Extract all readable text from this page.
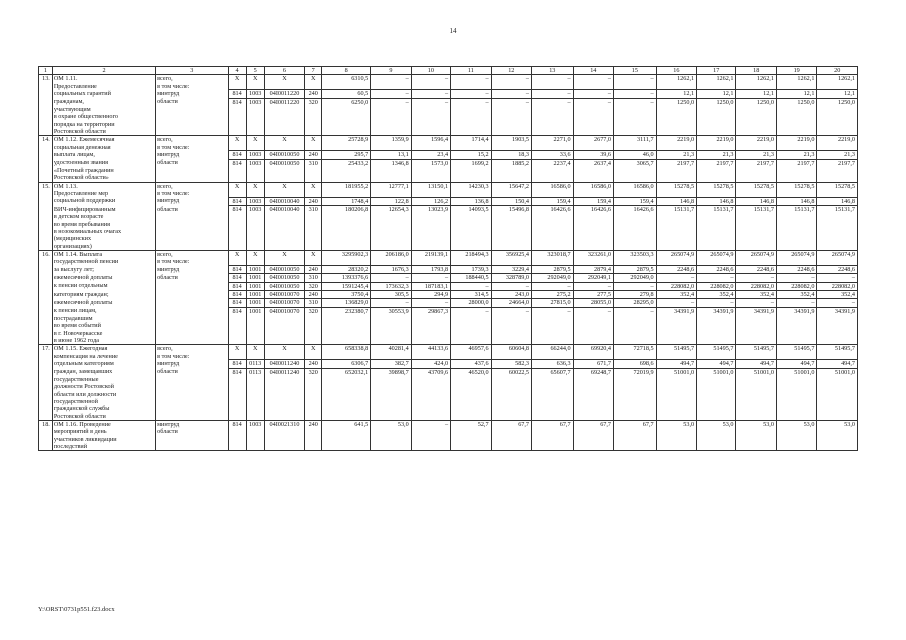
14
1	2	3	4	5	6	7	8	9	10	11	12	13	14	15	16	17	18	19	20
13.	ОМ 1.11.	всего,	X	X	X	X	6310,5	–	–	–	–	–	–	–	1262,1	1262,1	1262,1	1262,1	1262,1
	Предоставление	в том числе:																	
	социальных гарантий	минтруд	814	1003	04І0011220	240	60,5	–	–	–	–	–	–	–	12,1	12,1	12,1	12,1	12,1
	гражданам,	области	814	1003	04І0011220	320	6250,0	–	–	–	–	–	–	–	1250,0	1250,0	1250,0	1250,0	1250,0
	участвующим																		
	в охране общественного																		
	порядка на территории																		
	Ростовской области																		
14.	ОМ 1.12. Ежемесячная	всего,	X	X	X	X	25728,9	1359,9	1596,4	1714,4	1903,5	2271,0	2677,0	3111,7	2219,0	2219,0	2219,0	2219,0	2219,0
	социальная денежная	в том числе:																	
	выплата лицам,	минтруд	814	1003	04І0010050	240	295,7	13,1	23,4	15,2	18,3	33,6	39,6	46,0	21,3	21,3	21,3	21,3	21,3
	удостоенным звания	области	814	1003	04І0010050	310	25433,2	1346,8	1573,0	1699,2	1885,2	2237,4	2637,4	3065,7	2197,7	2197,7	2197,7	2197,7	2197,7
	«Почетный гражданин																		
	Ростовской области»																		
15.	ОМ 1.13.	всего,	X	X	X	X	181955,2	12777,1	13150,1	14230,3	15647,2	16586,0	16586,0	16586,0	15278,5	15278,5	15278,5	15278,5	15278,5
	Предоставление мер	в том числе:																	
	социальной поддержки	минтруд	814	1003	04І0010040	240	1748,4	122,8	126,2	136,8	150,4	159,4	159,4	159,4	146,8	146,8	146,8	146,8	146,8
	ВИЧ-инфицированным	области	814	1003	04І0010040	310	180206,8	12654,3	13023,9	14093,5	15496,8	16426,6	16426,6	16426,6	15131,7	15131,7	15131,7	15131,7	15131,7
	в детском возрасте																		
	во время пребывания																		
	в нозокомиальных очагах																		
	(медицинских																		
	организациях)																		
16.	ОМ 1.14. Выплата	всего,	X	X	X	X	3295902,3	206186,0	219139,1	218494,3	356925,4	323018,7	323261,0	323503,3	265074,9	265074,9	265074,9	265074,9	265074,9
	государственной пенсии	в том числе:																	
	за выслугу лет;	минтруд	814	1001	04І0010050	240	28320,2	1676,3	1793,8	1739,3	3229,4	2879,5	2879,4	2879,5	2248,6	2248,6	2248,6	2248,6	2248,6
	ежемесячной доплаты	области	814	1001	04І0010050	310	1393376,6	–	–	188440,5	328789,0	292049,0	292049,1	292049,0	–	–	–	–	–
	к пенсии отдельным		814	1001	04І0010050	320	1591245,4	173632,3	187183,1	–	–	–	–	–	228082,0	228082,0	228082,0	228082,0	228082,0
	категориям граждан;		814	1001	04І0010070	240	3750,4	305,5	294,9	314,5	243,0	275,2	277,5	279,8	352,4	352,4	352,4	352,4	352,4
	ежемесячной доплаты		814	1001	04І0010070	310	136829,0	–	–	28000,0	24664,0	27815,0	28055,0	28295,0	–	–	–	–	–
	к пенсии лицам,		814	1001	04І0010070	320	232380,7	30553,9	29867,3	–	–	–	–	–	34391,9	34391,9	34391,9	34391,9	34391,9
	пострадавшим																		
	во время событий																		
	в г. Новочеркасске																		
	в июне 1962 года																		
17.	ОМ 1.15. Ежегодная	всего,	X	X	X	X	658338,8	40281,4	44133,6	46957,6	60604,8	66244,0	69920,4	72718,5	51495,7	51495,7	51495,7	51495,7	51495,7
	компенсация на лечение	в том числе:																	
	отдельным категориям	минтруд	814	0113	04І0011240	240	6306,7	382,7	424,0	437,6	582,3	636,3	671,7	698,6	494,7	494,7	494,7	494,7	494,7
	граждан, замещавших	области	814	0113	04І0011240	320	652032,1	39898,7	43709,6	46520,0	60022,5	65607,7	69248,7	72019,9	51001,0	51001,0	51001,0	51001,0	51001,0
	государственные																		
	должности Ростовской																		
	области или должности																		
	государственной																		
	гражданской службы																		
	Ростовской области																		
18.	ОМ 1.16. Проведение	минтруд	814	1003	04І0021310	240	641,5	53,0	–	52,7	67,7	67,7	67,7	67,7	53,0	53,0	53,0	53,0	53,0
	мероприятий в день	области																	
	участников ликвидации																		
	последствий																		
Y:\ORST\0731p551.f23.docx
